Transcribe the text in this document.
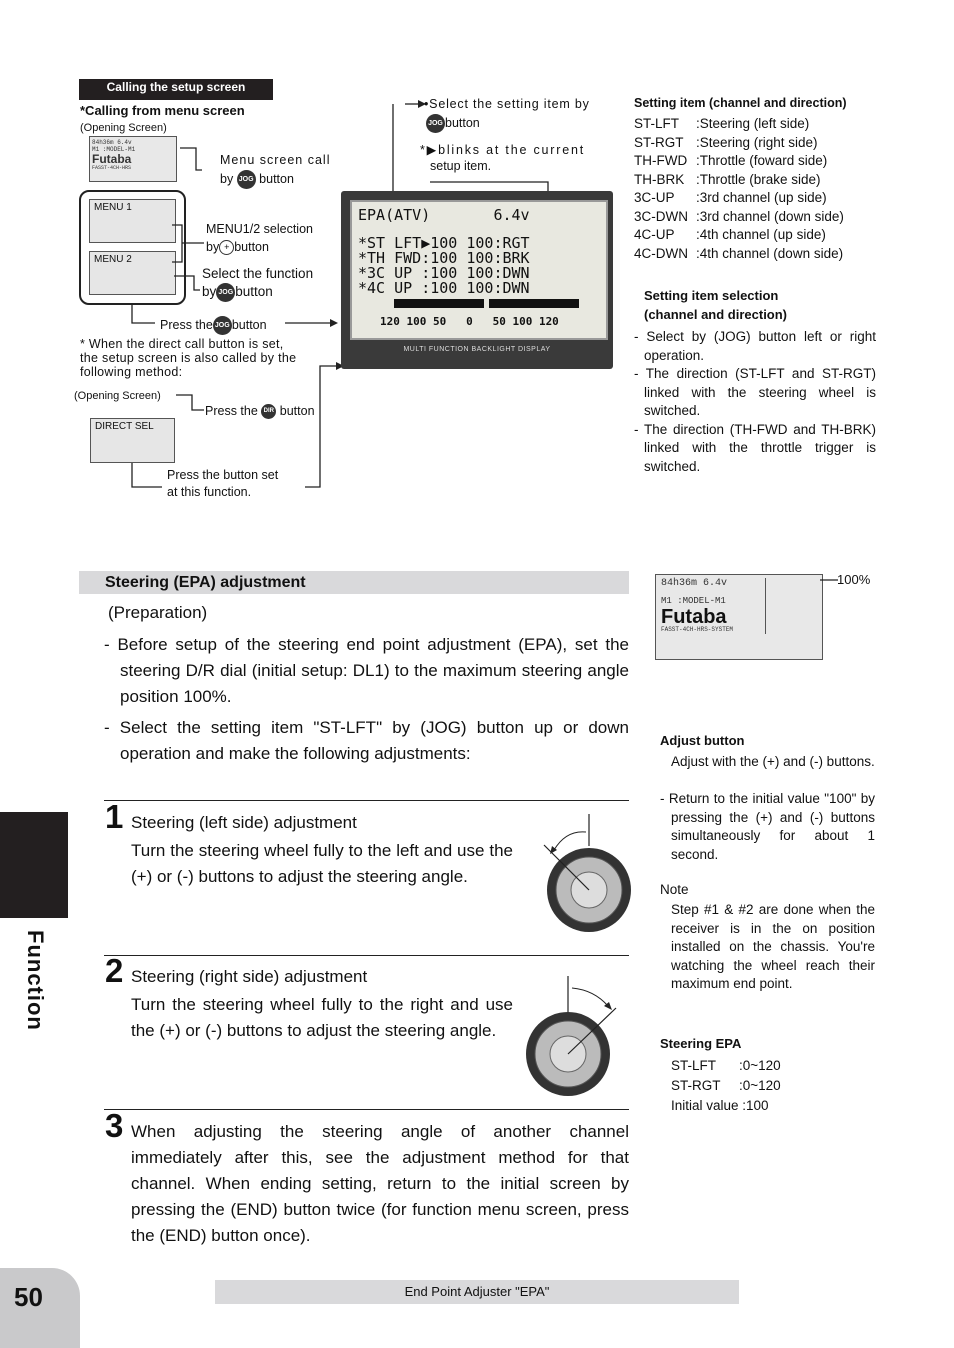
Calling the setup screen
*Calling from menu screen
(Opening Screen)
84h36m 6.4v
M1 :MODEL-M1
Futaba
FASST-4CH-HRS
Menu screen call
by JOG button
MENU 1
MENU 2
MENU1/2 selection
by + button
Select the function
by JOG button
Press the JOG button
* When the direct call button is set, the setup screen is also called by the following method:
(Opening Screen)
Press the DIR button
DIRECT SEL
Press the button set
at this function.
•Select the setting item by
JOG button
*▶blinks at the current
setup item.
EPA(ATV)       6.4v
*ST LFT▶100 100:RGT
*TH FWD:100 100:BRK
*3C UP :100 100:DWN
*4C UP :100 100:DWN
120 100 50   0   50 100 120
MULTI FUNCTION BACKLIGHT DISPLAY
Setting item (channel and direction)
ST-LFT :Steering (left side)
ST-RGT :Steering (right side)
TH-FWD :Throttle (foward side)
TH-BRK :Throttle (brake side)
3C-UP :3rd channel (up side)
3C-DWN :3rd channel (down side)
4C-UP :4th channel (up side)
4C-DWN :4th channel (down side)
Setting item selection
(channel and direction)
- Select by (JOG) button left or right operation.
- The direction (ST-LFT and ST-RGT) linked with the steering wheel is switched.
- The direction (TH-FWD and TH-BRK) linked with the throttle trigger is switched.
Steering (EPA) adjustment
(Preparation)
- Before setup of the steering end point adjustment (EPA), set the steering D/R dial (initial setup: DL1) to the maximum steering angle position 100%.
- Select the setting item "ST-LFT" by (JOG) button up or down operation and make the following adjustments:
84h36m 6.4v
M1 :MODEL-M1
Futaba
FASST-4CH-HRS-SYSTEM
100%
1 Steering (left side) adjustment
Turn the steering wheel fully to the left and use the (+) or (-) buttons to adjust the steering angle.
2 Steering (right side) adjustment
Turn the steering wheel fully to the right and use the (+) or (-) buttons to adjust the steering angle.
3 When adjusting the steering angle of another channel immediately after this, see the adjustment method for that channel. When ending setting, return to the initial screen by pressing the (END) button twice (for function menu screen, press the (END) button once).
Adjust button
Adjust with the (+) and (-) buttons.
- Return to the initial value "100" by pressing the (+) and (-) buttons simultaneously for about 1 second.
Note
Step #1 & #2 are done when the receiver is in the on position installed on the chassis. You're watching the wheel reach their maximum end point.
Steering EPA
ST-LFT :0~120
ST-RGT :0~120
Initial value :100
Function
50	End Point Adjuster "EPA"
